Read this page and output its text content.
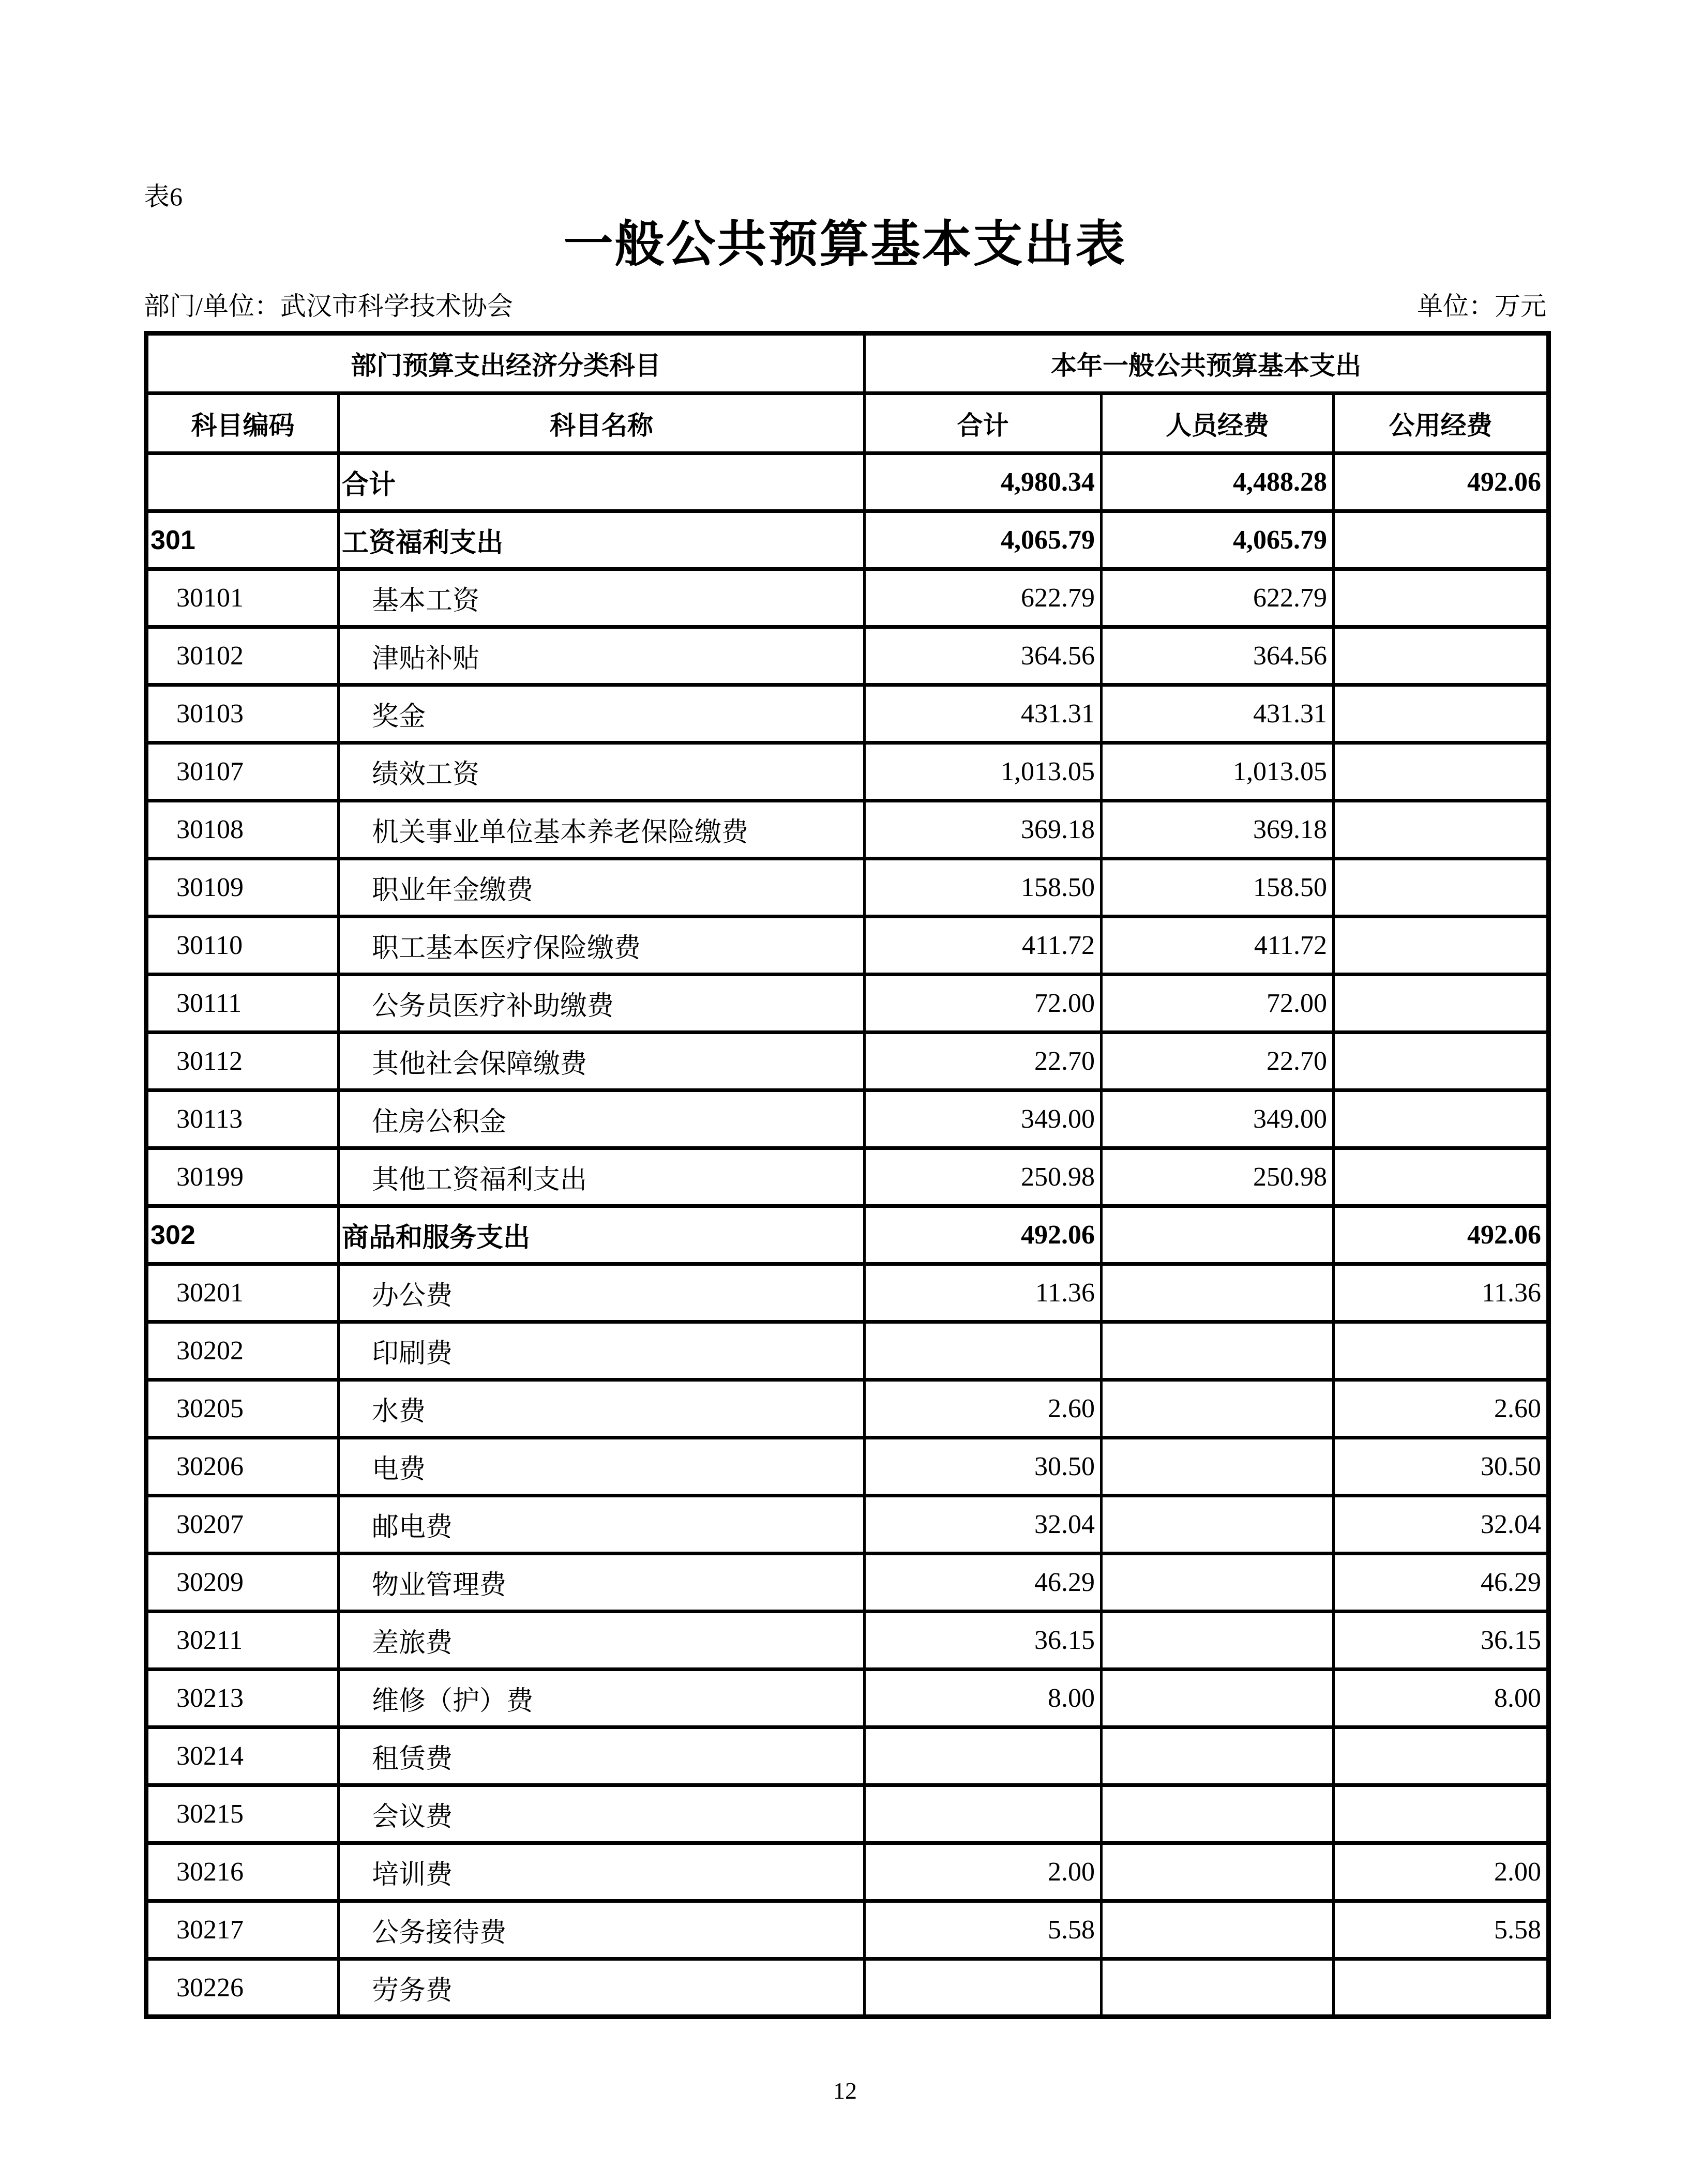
表6
一般公共预算基本支出表
部门/单位：武汉市科学技术协会	单位：万元
部门预算支出经济分类科目		本年一般公共预算基本支出		
科目编码	科目名称	合计	人员经费	公用经费
	合计	4,980.34	4,488.28	492.06
301	工资福利支出	4,065.79	4,065.79	
30101	基本工资	622.79	622.79	
30102	津贴补贴	364.56	364.56	
30103	奖金	431.31	431.31	
30107	绩效工资	1,013.05	1,013.05	
30108	机关事业单位基本养老保险缴费	369.18	369.18	
30109	职业年金缴费	158.50	158.50	
30110	职工基本医疗保险缴费	411.72	411.72	
30111	公务员医疗补助缴费	72.00	72.00	
30112	其他社会保障缴费	22.70	22.70	
30113	住房公积金	349.00	349.00	
30199	其他工资福利支出	250.98	250.98	
302	商品和服务支出	492.06		492.06
30201	办公费	11.36		11.36
30202	印刷费			
30205	水费	2.60		2.60
30206	电费	30.50		30.50
30207	邮电费	32.04		32.04
30209	物业管理费	46.29		46.29
30211	差旅费	36.15		36.15
30213	维修（护）费	8.00		8.00
30214	租赁费			
30215	会议费			
30216	培训费	2.00		2.00
30217	公务接待费	5.58		5.58
30226	劳务费			
12
